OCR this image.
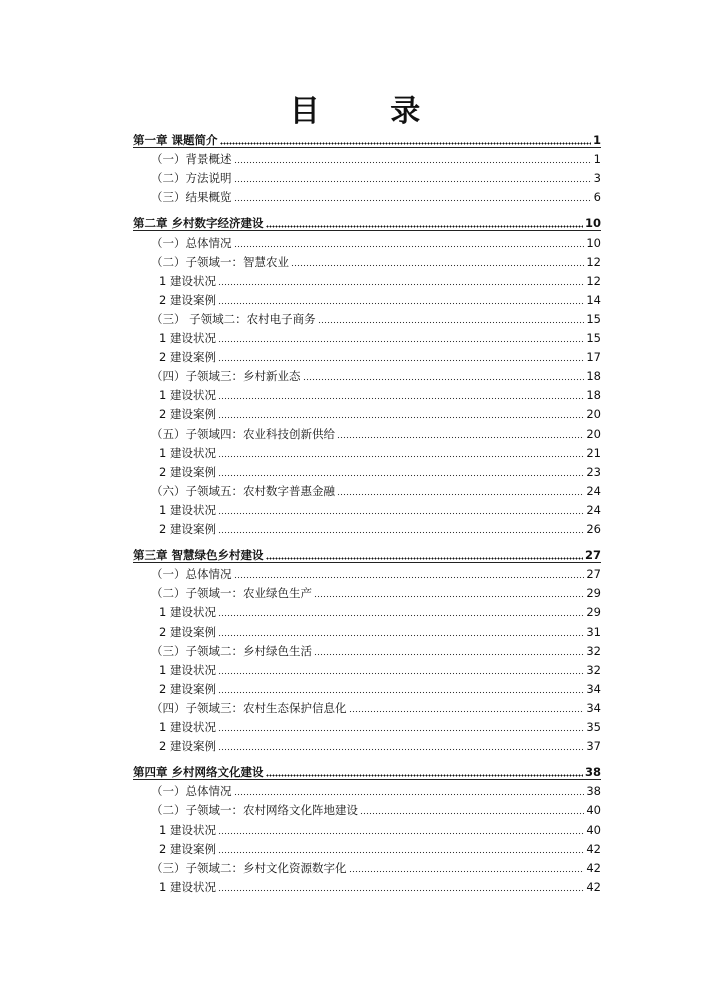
目 录
第一章 课题简介	1
（一）背景概述	1
（二）方法说明	3
（三）结果概览	6
第二章 乡村数字经济建设	10
（一）总体情况	10
（二）子领域一：智慧农业	12
1 建设状况	12
2 建设案例	14
（三） 子领域二：农村电子商务	15
1 建设状况	15
2 建设案例	17
（四）子领域三：乡村新业态	18
1 建设状况	18
2 建设案例	20
（五）子领域四：农业科技创新供给	20
1 建设状况	21
2 建设案例	23
（六）子领域五：农村数字普惠金融	24
1 建设状况	24
2 建设案例	26
第三章 智慧绿色乡村建设	27
（一）总体情况	27
（二）子领域一：农业绿色生产	29
1 建设状况	29
2 建设案例	31
（三）子领域二：乡村绿色生活	32
1 建设状况	32
2 建设案例	34
（四）子领域三：农村生态保护信息化	34
1 建设状况	35
2 建设案例	37
第四章 乡村网络文化建设	38
（一）总体情况	38
（二）子领域一：农村网络文化阵地建设	40
1 建设状况	40
2 建设案例	42
（三）子领域二：乡村文化资源数字化	42
1 建设状况	42
